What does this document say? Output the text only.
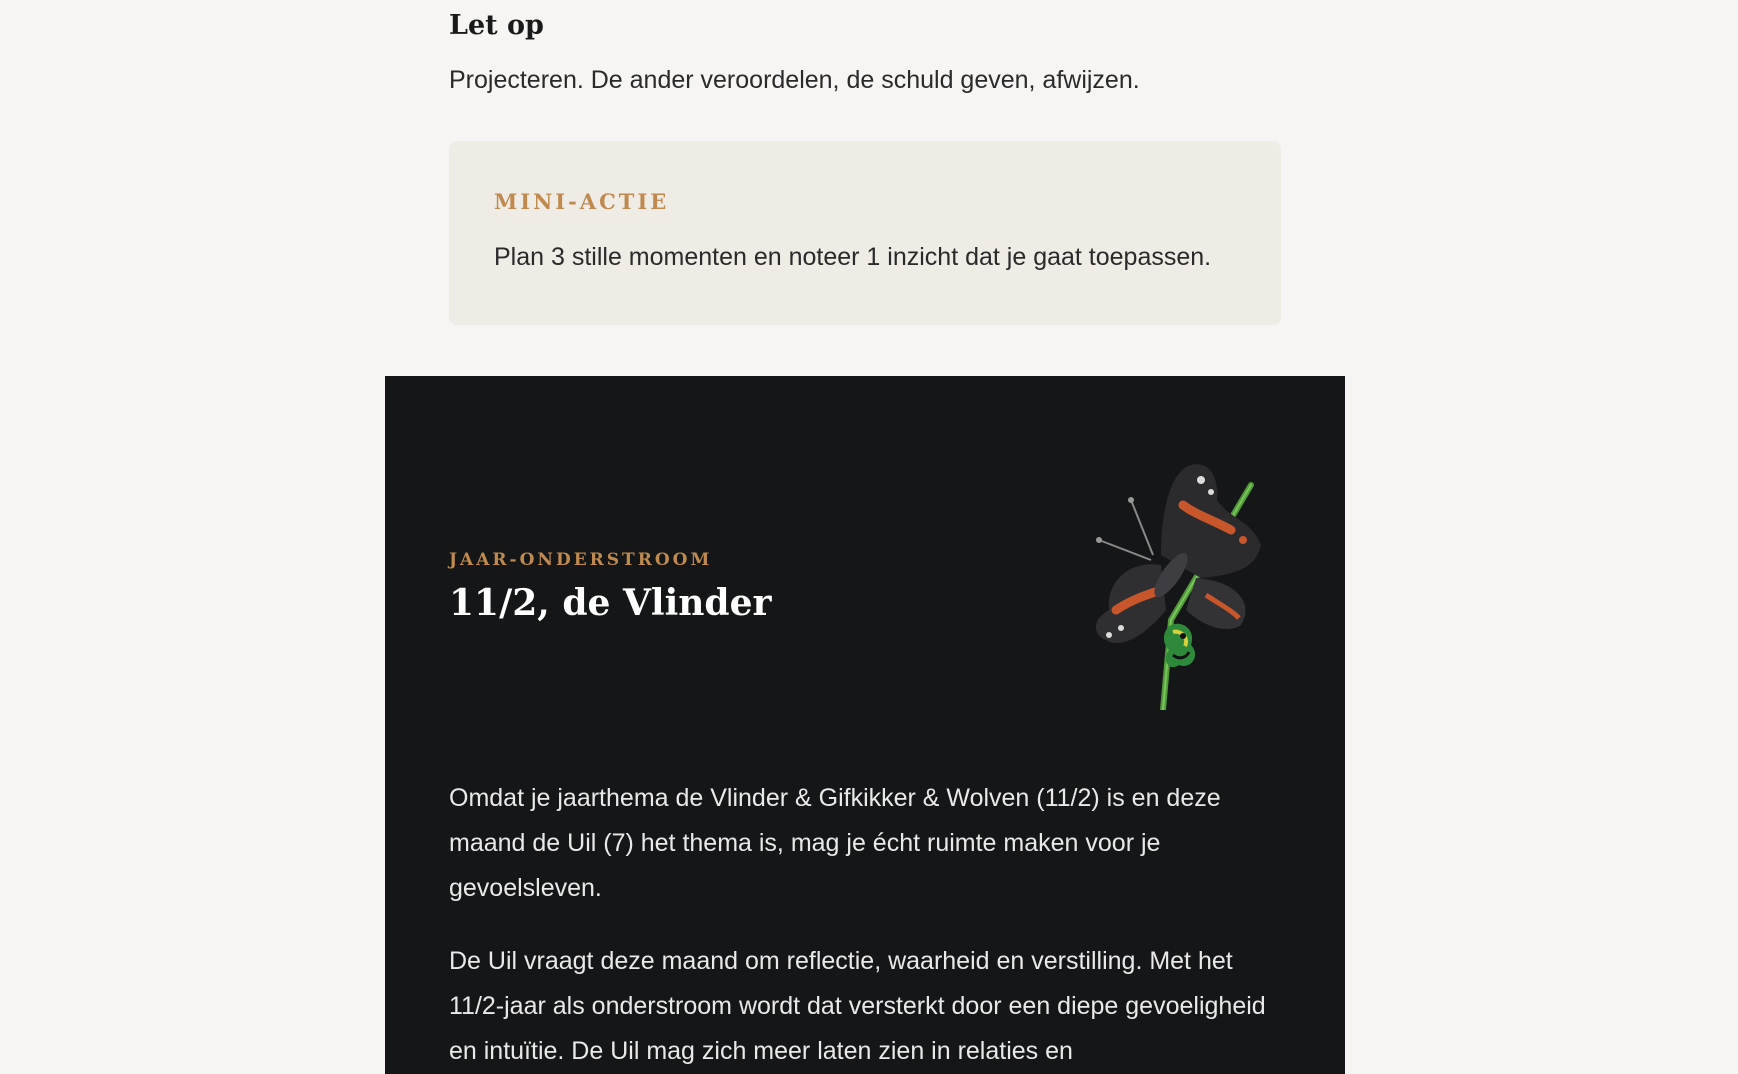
Let op

Projecteren. De ander veroordelen, de schuld geven, afwijzen.

MINI-ACTIE

Plan 3 stille momenten en noteer 1 inzicht dat je gaat toepassen.

JAAR-ONDERSTROOM
11/2, de Vlinder

Omdat je jaarthema de Vlinder & Gifkikker & Wolven (11/2) is en deze maand de Uil (7) het thema is, mag je écht ruimte maken voor je gevoelsleven.

De Uil vraagt deze maand om reflectie, waarheid en verstilling. Met het 11/2-jaar als onderstroom wordt dat versterkt door een diepe gevoeligheid en intuïtie. De Uil mag zich meer laten zien in relaties en
